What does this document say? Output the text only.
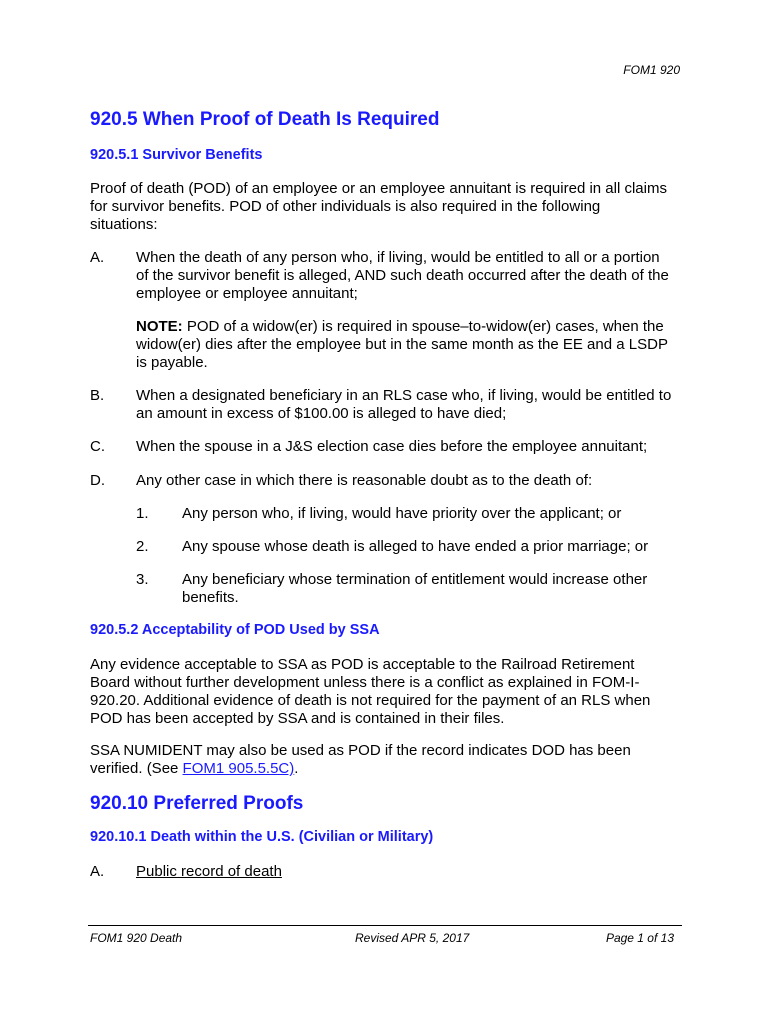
FOM1 920
920.5 When Proof of Death Is Required
920.5.1 Survivor Benefits
Proof of death (POD) of an employee or an employee annuitant is required in all claims
for survivor benefits. POD of other individuals is also required in the following
situations:
A. When the death of any person who, if living, would be entitled to all or a portion
of the survivor benefit is alleged, AND such death occurred after the death of the
employee or employee annuitant;
NOTE: POD of a widow(er) is required in spouse–to-widow(er) cases, when the
widow(er) dies after the employee but in the same month as the EE and a LSDP
is payable.
B. When a designated beneficiary in an RLS case who, if living, would be entitled to
an amount in excess of $100.00 is alleged to have died;
C. When the spouse in a J&S election case dies before the employee annuitant;
D. Any other case in which there is reasonable doubt as to the death of:
1. Any person who, if living, would have priority over the applicant; or
2. Any spouse whose death is alleged to have ended a prior marriage; or
3. Any beneficiary whose termination of entitlement would increase other
benefits.
920.5.2 Acceptability of POD Used by SSA
Any evidence acceptable to SSA as POD is acceptable to the Railroad Retirement
Board without further development unless there is a conflict as explained in FOM-I-
920.20. Additional evidence of death is not required for the payment of an RLS when
POD has been accepted by SSA and is contained in their files.
SSA NUMIDENT may also be used as POD if the record indicates DOD has been
verified. (See FOM1 905.5.5C).
920.10 Preferred Proofs
920.10.1 Death within the U.S. (Civilian or Military)
A. Public record of death
FOM1 920 Death	Revised APR 5, 2017	Page 1 of 13
